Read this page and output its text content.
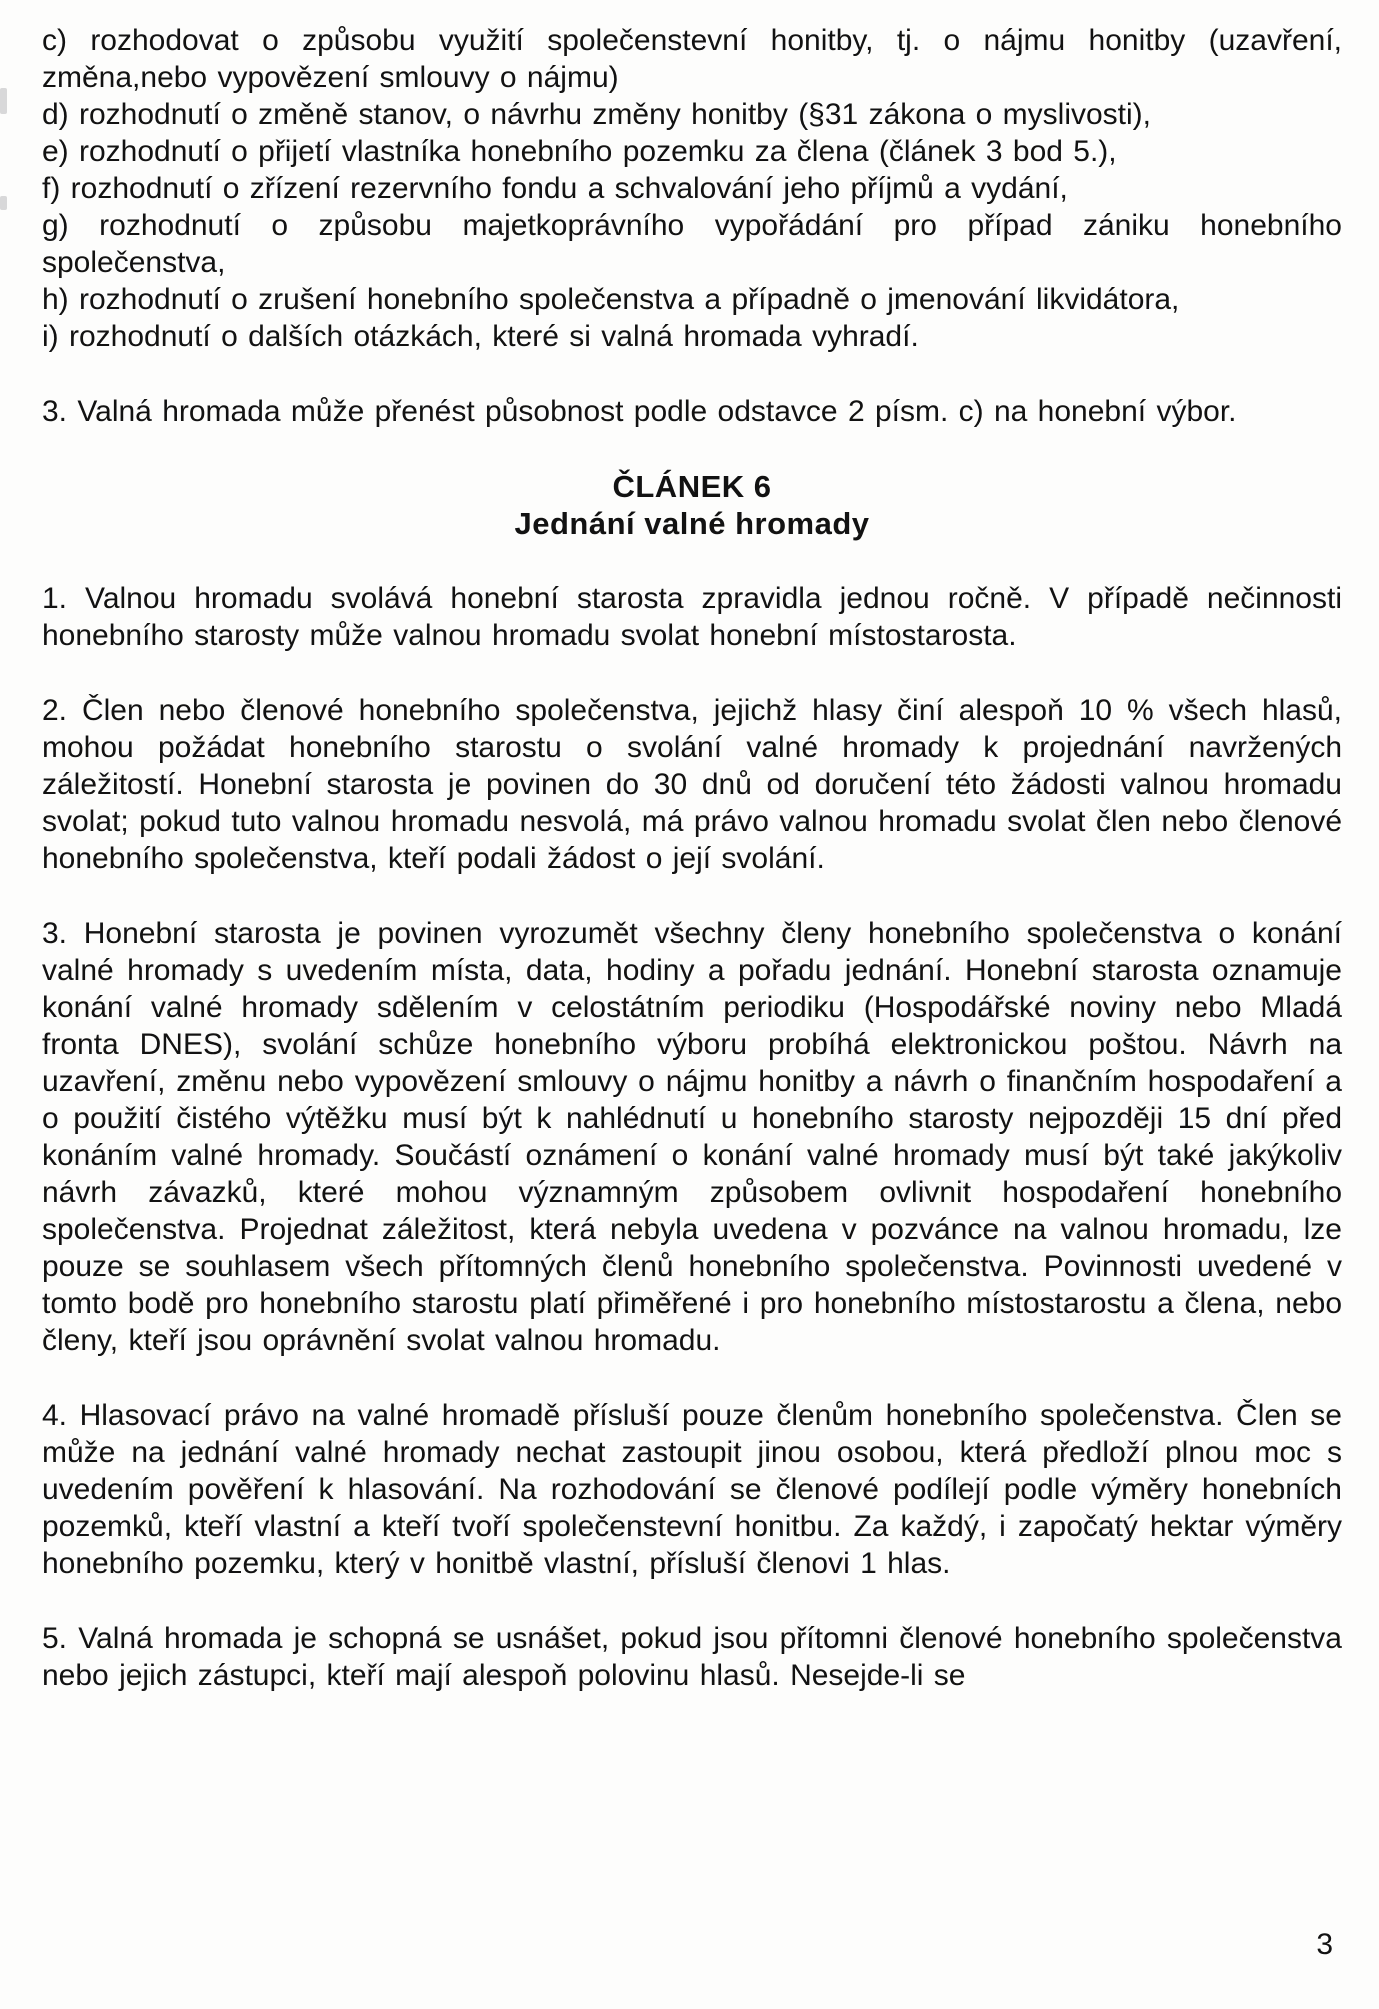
c) rozhodovat o způsobu využití společenstevní honitby, tj. o nájmu honitby (uzavření, změna,nebo vypovězení smlouvy o nájmu)

d) rozhodnutí o změně stanov, o návrhu změny honitby (§31 zákona o myslivosti),

e) rozhodnutí o přijetí vlastníka honebního pozemku za člena (článek 3 bod 5.),

f) rozhodnutí o zřízení rezervního fondu a schvalování jeho příjmů a vydání,

g) rozhodnutí o způsobu majetkoprávního vypořádání pro případ zániku honebního společenstva,

h) rozhodnutí o zrušení honebního společenstva a případně o jmenování likvidátora,

i) rozhodnutí o dalších otázkách, které si valná hromada vyhradí.

3. Valná hromada může přenést působnost podle odstavce 2 písm. c) na honební výbor.

ČLÁNEK 6
Jednání valné hromady

1. Valnou hromadu svolává honební starosta zpravidla jednou ročně. V případě nečinnosti honebního starosty může valnou hromadu svolat honební místostarosta.

2. Člen nebo členové honebního společenstva, jejichž hlasy činí alespoň 10 % všech hlasů, mohou požádat honebního starostu o svolání valné hromady k projednání navržených záležitostí. Honební starosta je povinen do 30 dnů od doručení této žádosti valnou hromadu svolat; pokud tuto valnou hromadu nesvolá, má právo valnou hromadu svolat člen nebo členové honebního společenstva, kteří podali žádost o její svolání.

3. Honební starosta je povinen vyrozumět všechny členy honebního společenstva o konání valné hromady s uvedením místa, data, hodiny a pořadu jednání. Honební starosta oznamuje konání valné hromady sdělením v celostátním periodiku (Hospodářské noviny nebo Mladá fronta DNES), svolání schůze honebního výboru probíhá elektronickou poštou. Návrh na uzavření, změnu nebo vypovězení smlouvy o nájmu honitby a návrh o finančním hospodaření a o použití čistého výtěžku musí být k nahlédnutí u honebního starosty nejpozději 15 dní před konáním valné hromady. Součástí oznámení o konání valné hromady musí být také jakýkoliv návrh závazků, které mohou významným způsobem ovlivnit hospodaření honebního společenstva. Projednat záležitost, která nebyla uvedena v pozvánce na valnou hromadu, lze pouze se souhlasem všech přítomných členů honebního společenstva. Povinnosti uvedené v tomto bodě pro honebního starostu platí přiměřené i pro honebního místostarostu a člena, nebo členy, kteří jsou oprávnění svolat valnou hromadu.

4. Hlasovací právo na valné hromadě přísluší pouze členům honebního společenstva. Člen se může na jednání valné hromady nechat zastoupit jinou osobou, která předloží plnou moc s uvedením pověření k hlasování. Na rozhodování se členové podílejí podle výměry honebních pozemků, kteří vlastní a kteří tvoří společenstevní honitbu. Za každý, i započatý hektar výměry honebního pozemku, který v honitbě vlastní, přísluší členovi 1 hlas.

5. Valná hromada je schopná se usnášet, pokud jsou přítomni členové honebního společenstva nebo jejich zástupci, kteří mají alespoň polovinu hlasů. Nesejde-li se

3
